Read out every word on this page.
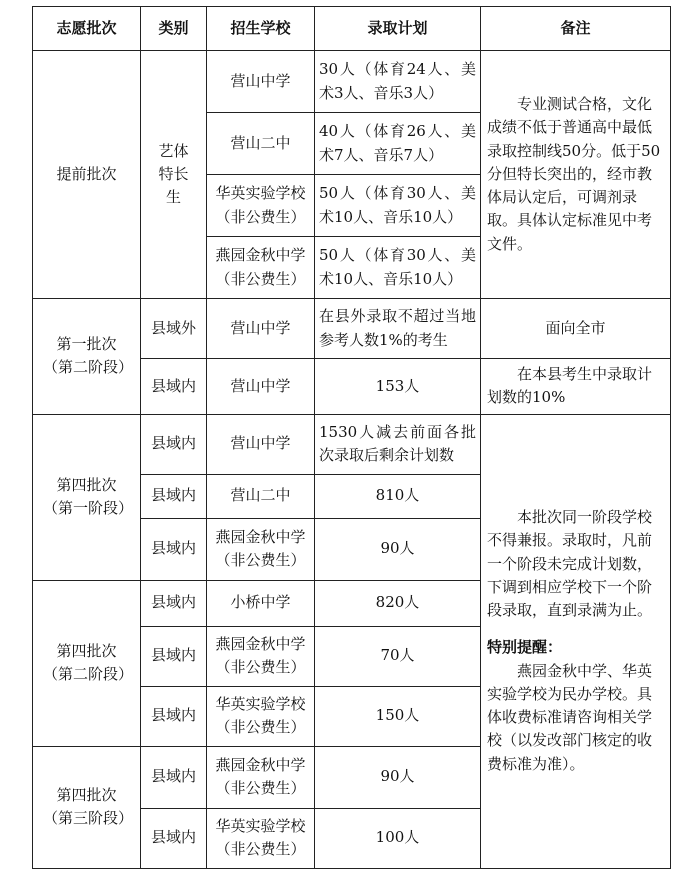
志愿批次	类别	招生学校	录取计划	备注
提前批次	艺体特长生	营山中学	30人（体育24人、美术3人、音乐3人）	专业测试合格，文化成绩不低于普通高中最低录取控制线50分。低于50分但特长突出的，经市教体局认定后，可调剂录取。具体认定标准见中考文件。

		营山二中	40人（体育26人、美术7人、音乐7人）	
		华英实验学校（非公费生）	50人（体育30人、美术10人、音乐10人）	
		燕园金秋中学（非公费生）	50人（体育30人、美术10人、音乐10人）	
第一批次（第二阶段）	县域外	营山中学	在县外录取不超过当地参考人数1%的考生	面向全市
	县域内	营山中学	153人	在本县考生中录取计划数的10%

第四批次（第一阶段）	县域内	营山中学	1530人减去前面各批次录取后剩余计划数	本批次同一阶段学校不得兼报。录取时，凡前一个阶段未完成计划数，下调到相应学校下一个阶段录取，直到录满为止。

特别提醒：

燕园金秋中学、华英实验学校为民办学校。具体收费标准请咨询相关学校（以发改部门核定的收费标准为准）。

	县域内	营山二中	810人	
	县域内	燕园金秋中学（非公费生）	90人	
第四批次（第二阶段）	县域内	小桥中学	820人	
	县域内	燕园金秋中学（非公费生）	70人	
	县域内	华英实验学校（非公费生）	150人	
第四批次（第三阶段）	县域内	燕园金秋中学（非公费生）	90人	
	县域内	华英实验学校（非公费生）	100人	
